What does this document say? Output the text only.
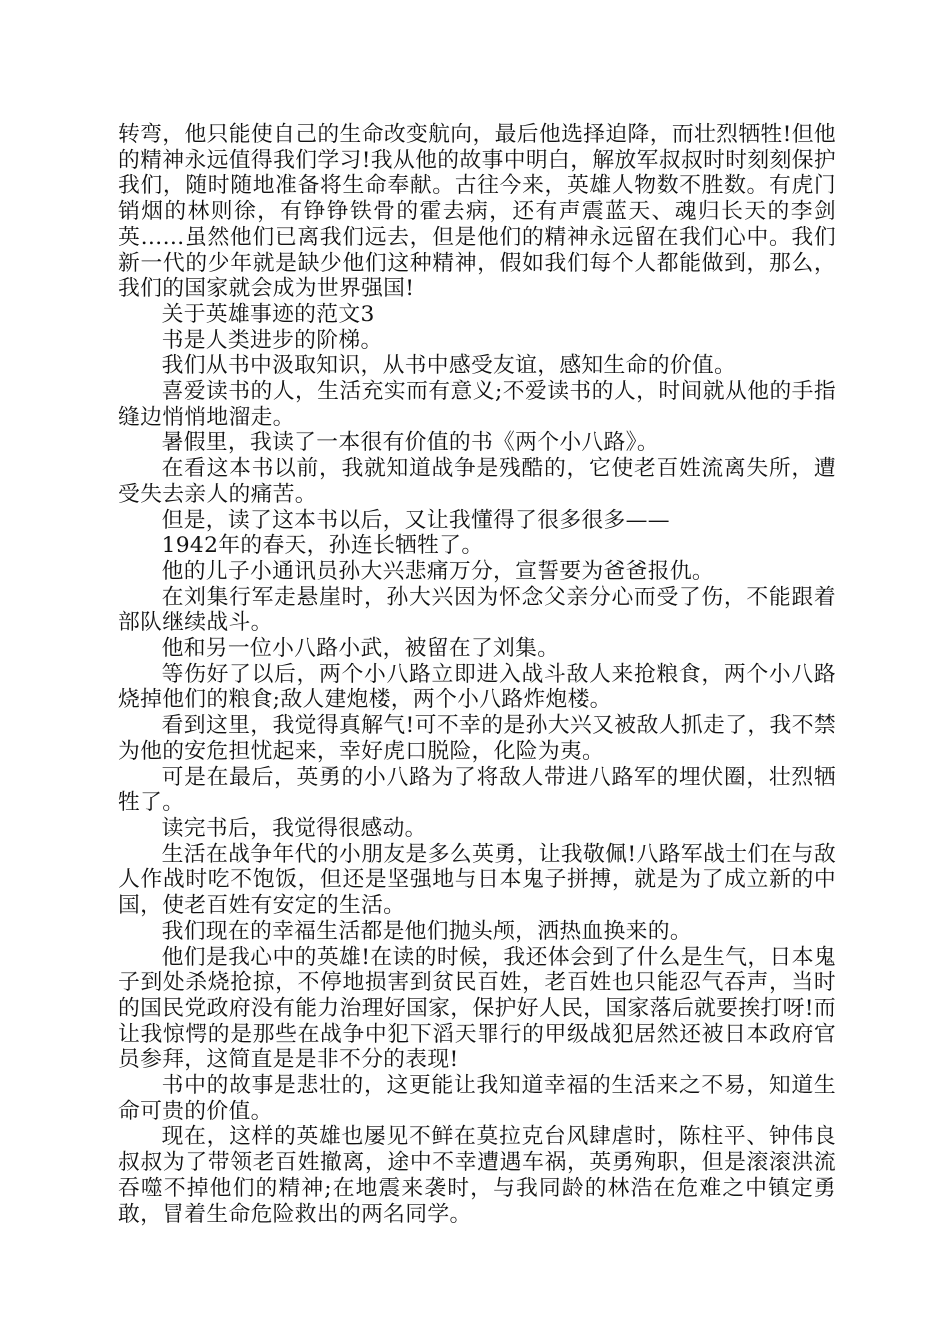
转弯，他只能使自己的生命改变航向，最后他选择迫降，而壮烈牺牲!但他的精神永远值得我们学习!我从他的故事中明白，解放军叔叔时时刻刻保护我们，随时随地准备将生命奉献。古往今来，英雄人物数不胜数。有虎门销烟的林则徐，有铮铮铁骨的霍去病，还有声震蓝天、魂归长天的李剑英……虽然他们已离我们远去，但是他们的精神永远留在我们心中。我们新一代的少年就是缺少他们这种精神，假如我们每个人都能做到，那么，我们的国家就会成为世界强国!

关于英雄事迹的范文3

书是人类进步的阶梯。

我们从书中汲取知识，从书中感受友谊，感知生命的价值。

喜爱读书的人，生活充实而有意义;不爱读书的人，时间就从他的手指缝边悄悄地溜走。

暑假里，我读了一本很有价值的书《两个小八路》。

在看这本书以前，我就知道战争是残酷的，它使老百姓流离失所，遭受失去亲人的痛苦。

但是，读了这本书以后，又让我懂得了很多很多——

1942年的春天，孙连长牺牲了。

他的儿子小通讯员孙大兴悲痛万分，宣誓要为爸爸报仇。

在刘集行军走悬崖时，孙大兴因为怀念父亲分心而受了伤，不能跟着部队继续战斗。

他和另一位小八路小武，被留在了刘集。

等伤好了以后，两个小八路立即进入战斗敌人来抢粮食，两个小八路烧掉他们的粮食;敌人建炮楼，两个小八路炸炮楼。

看到这里，我觉得真解气!可不幸的是孙大兴又被敌人抓走了，我不禁为他的安危担忧起来，幸好虎口脱险，化险为夷。

可是在最后，英勇的小八路为了将敌人带进八路军的埋伏圈，壮烈牺牲了。

读完书后，我觉得很感动。

生活在战争年代的小朋友是多么英勇，让我敬佩!八路军战士们在与敌人作战时吃不饱饭，但还是坚强地与日本鬼子拼搏，就是为了成立新的中国，使老百姓有安定的生活。

我们现在的幸福生活都是他们抛头颅，洒热血换来的。

他们是我心中的英雄!在读的时候，我还体会到了什么是生气，日本鬼子到处杀烧抢掠，不停地损害到贫民百姓，老百姓也只能忍气吞声，当时的国民党政府没有能力治理好国家，保护好人民，国家落后就要挨打呀!而让我惊愕的是那些在战争中犯下滔天罪行的甲级战犯居然还被日本政府官员参拜，这简直是是非不分的表现!

书中的故事是悲壮的，这更能让我知道幸福的生活来之不易，知道生命可贵的价值。

现在，这样的英雄也屡见不鲜在莫拉克台风肆虐时，陈柱平、钟伟良叔叔为了带领老百姓撤离，途中不幸遭遇车祸，英勇殉职，但是滚滚洪流吞噬不掉他们的精神;在地震来袭时，与我同龄的林浩在危难之中镇定勇敢，冒着生命危险救出的两名同学。
